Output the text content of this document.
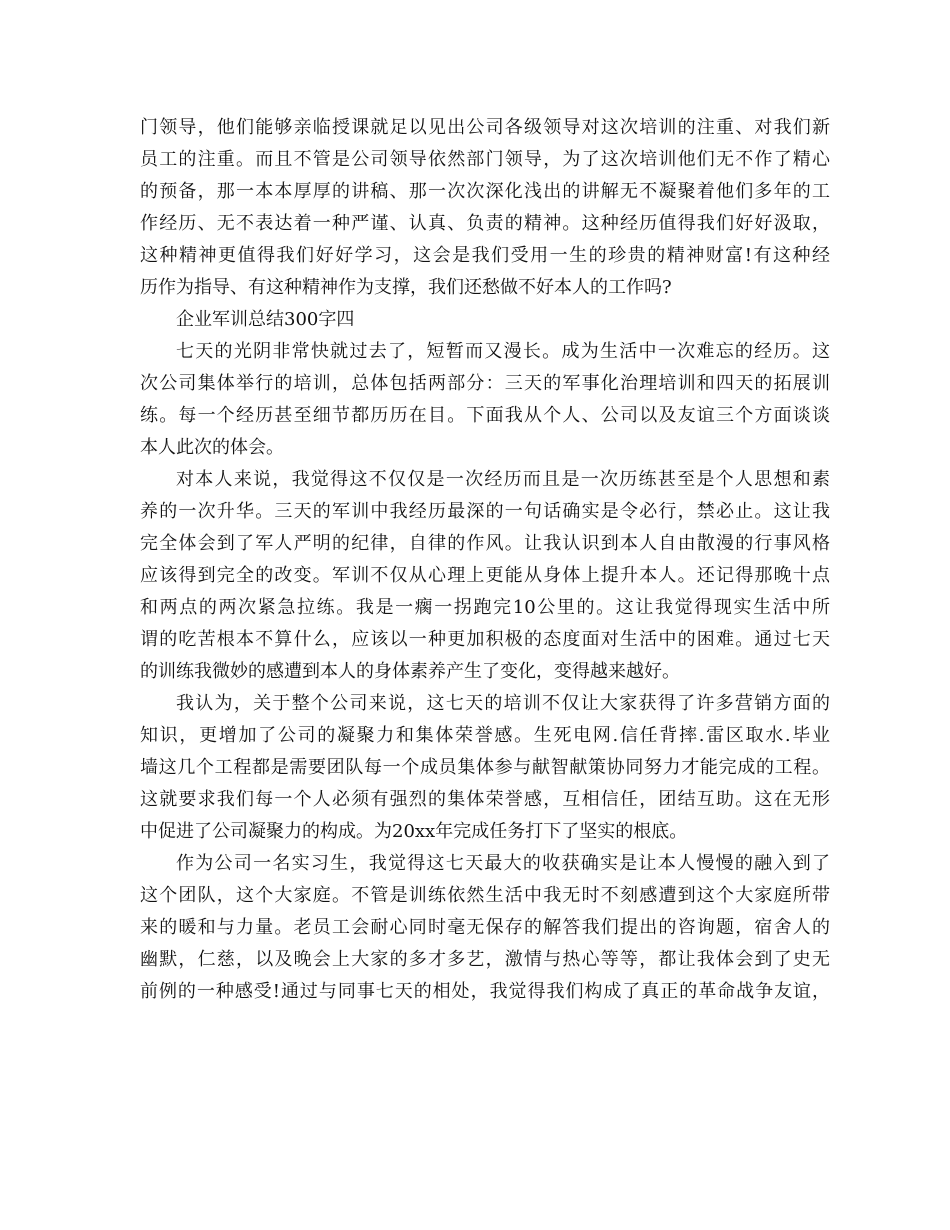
门领导，他们能够亲临授课就足以见出公司各级领导对这次培训的注重、对我们新
员工的注重。而且不管是公司领导依然部门领导，为了这次培训他们无不作了精心
的预备，那一本本厚厚的讲稿、那一次次深化浅出的讲解无不凝聚着他们多年的工
作经历、无不表达着一种严谨、认真、负责的精神。这种经历值得我们好好汲取，
这种精神更值得我们好好学习，这会是我们受用一生的珍贵的精神财富!有这种经
历作为指导、有这种精神作为支撑，我们还愁做不好本人的工作吗?
企业军训总结300字四
七天的光阴非常快就过去了，短暂而又漫长。成为生活中一次难忘的经历。这
次公司集体举行的培训，总体包括两部分：三天的军事化治理培训和四天的拓展训
练。每一个经历甚至细节都历历在目。下面我从个人、公司以及友谊三个方面谈谈
本人此次的体会。
对本人来说，我觉得这不仅仅是一次经历而且是一次历练甚至是个人思想和素
养的一次升华。三天的军训中我经历最深的一句话确实是令必行，禁必止。这让我
完全体会到了军人严明的纪律，自律的作风。让我认识到本人自由散漫的行事风格
应该得到完全的改变。军训不仅从心理上更能从身体上提升本人。还记得那晚十点
和两点的两次紧急拉练。我是一瘸一拐跑完10公里的。这让我觉得现实生活中所
谓的吃苦根本不算什么，应该以一种更加积极的态度面对生活中的困难。通过七天
的训练我微妙的感遭到本人的身体素养产生了变化，变得越来越好。
我认为，关于整个公司来说，这七天的培训不仅让大家获得了许多营销方面的
知识，更增加了公司的凝聚力和集体荣誉感。生死电网.信任背摔.雷区取水.毕业
墙这几个工程都是需要团队每一个成员集体参与献智献策协同努力才能完成的工程。
这就要求我们每一个人必须有强烈的集体荣誉感，互相信任，团结互助。这在无形
中促进了公司凝聚力的构成。为20xx年完成任务打下了坚实的根底。
作为公司一名实习生，我觉得这七天最大的收获确实是让本人慢慢的融入到了
这个团队，这个大家庭。不管是训练依然生活中我无时不刻感遭到这个大家庭所带
来的暖和与力量。老员工会耐心同时毫无保存的解答我们提出的咨询题，宿舍人的
幽默，仁慈，以及晚会上大家的多才多艺，激情与热心等等，都让我体会到了史无
前例的一种感受!通过与同事七天的相处，我觉得我们构成了真正的革命战争友谊，
